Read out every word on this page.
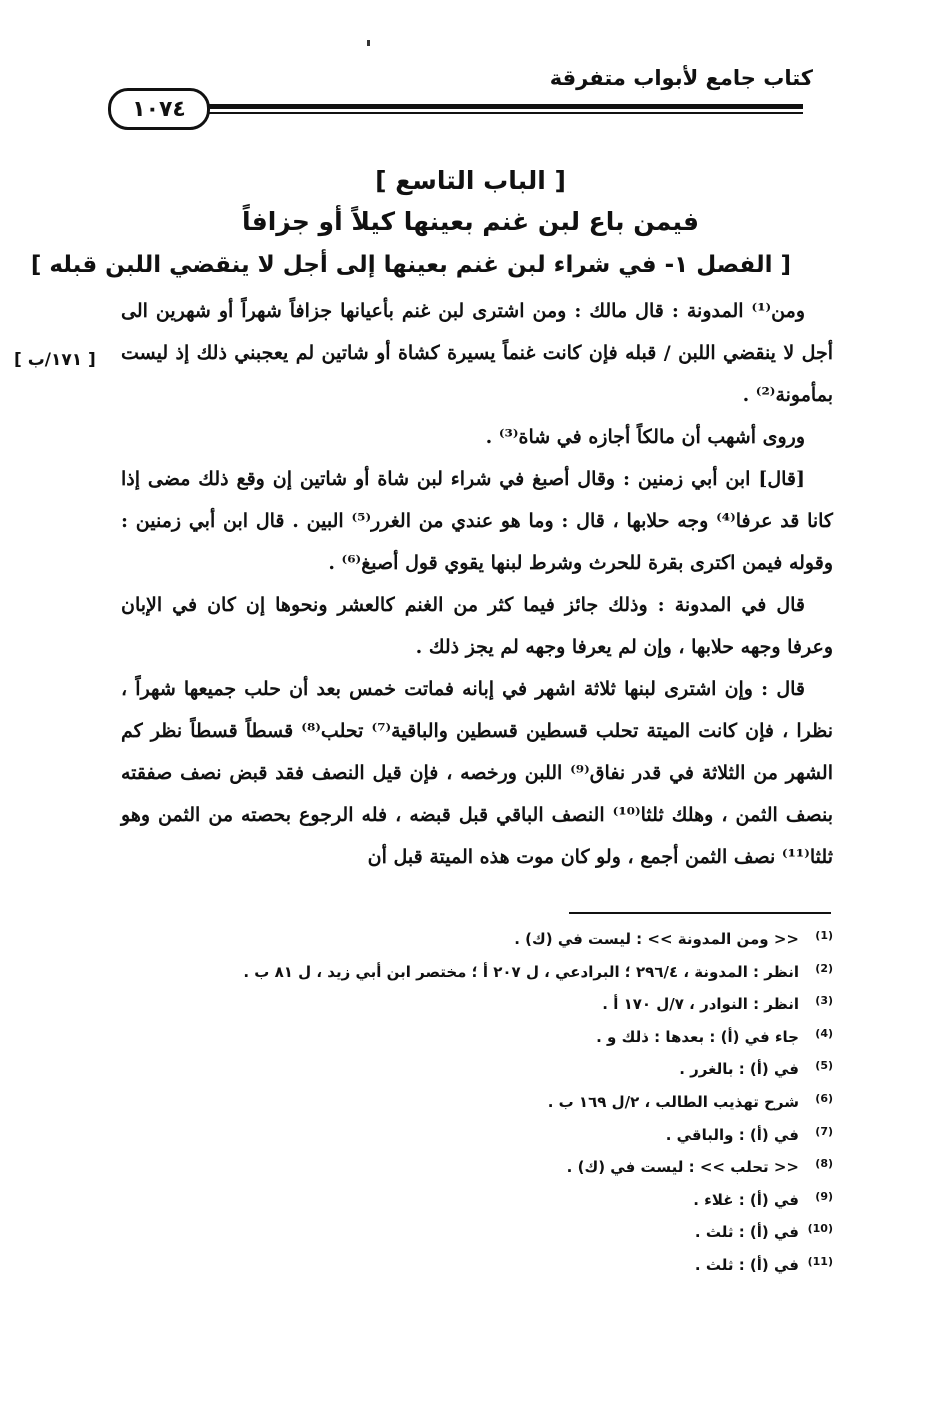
كتاب جامع لأبواب متفرقة
١٠٧٤
[ الباب التاسع ]
فيمن باع لبن غنم بعينها كيلاً أو جزافاً
[ الفصل ١- في شراء لبن غنم بعينها إلى أجل لا ينقضي اللبن قبله ]
[ ١٧١/ب ]

ومن⁽¹⁾ المدونة : قال مالك : ومن اشترى لبن غنم بأعيانها جزافاً شهراً أو شهرين الى أجل لا ينقضي اللبن / قبله فإن كانت غنماً يسيرة كشاة أو شاتين لم يعجبني ذلك إذ ليست بمأمونة⁽²⁾ .

وروى أشهب أن مالكاً أجازه في شاة⁽³⁾ .

[قال] ابن أبي زمنين : وقال أصبغ في شراء لبن شاة أو شاتين إن وقع ذلك مضى إذا كانا قد عرفا⁽⁴⁾ وجه حلابها ، قال : وما هو عندي من الغرر⁽⁵⁾ البين . قال ابن أبي زمنين : وقوله فيمن اكترى بقرة للحرث وشرط لبنها يقوي قول أصبغ⁽⁶⁾ .

قال في المدونة : وذلك جائز فيما كثر من الغنم كالعشر ونحوها إن كان في الإبان وعرفا وجهه حلابها ، وإن لم يعرفا وجهه لم يجز ذلك .

قال : وإن اشترى لبنها ثلاثة اشهر في إبانه فماتت خمس بعد أن حلب جميعها شهراً ، نظرا ، فإن كانت الميتة تحلب قسطين قسطين والباقية⁽⁷⁾ تحلب⁽⁸⁾ قسطاً قسطاً نظر كم الشهر من الثلاثة في قدر نفاق⁽⁹⁾ اللبن ورخصه ، فإن قيل النصف فقد قبض نصف صفقته بنصف الثمن ، وهلك ثلثا⁽¹⁰⁾ النصف الباقي قبل قبضه ، فله الرجوع بحصته من الثمن وهو ثلثا⁽¹¹⁾ نصف الثمن أجمع ، ولو كان موت هذه الميتة قبل أن

(1)
<< ومن المدونة >> : ليست في (ك) .
(2)
انظر : المدونة ، ٢٩٦/٤ ؛ البرادعي ، ل ٢٠٧ أ ؛ مختصر ابن أبي زيد ، ل ٨١ ب .
(3)
انظر : النوادر ، ٧/ل ١٧٠ أ .
(4)
جاء في (أ) : بعدها : ذلك و .
(5)
في (أ) : بالغرر .
(6)
شرح تهذيب الطالب ، ٢/ل ١٦٩ ب .
(7)
في (أ) : والباقي .
(8)
<< تحلب >> : ليست في (ك) .
(9)
في (أ) : غلاء .
(10)
في (أ) : ثلث .
(11)
في (أ) : ثلث .
